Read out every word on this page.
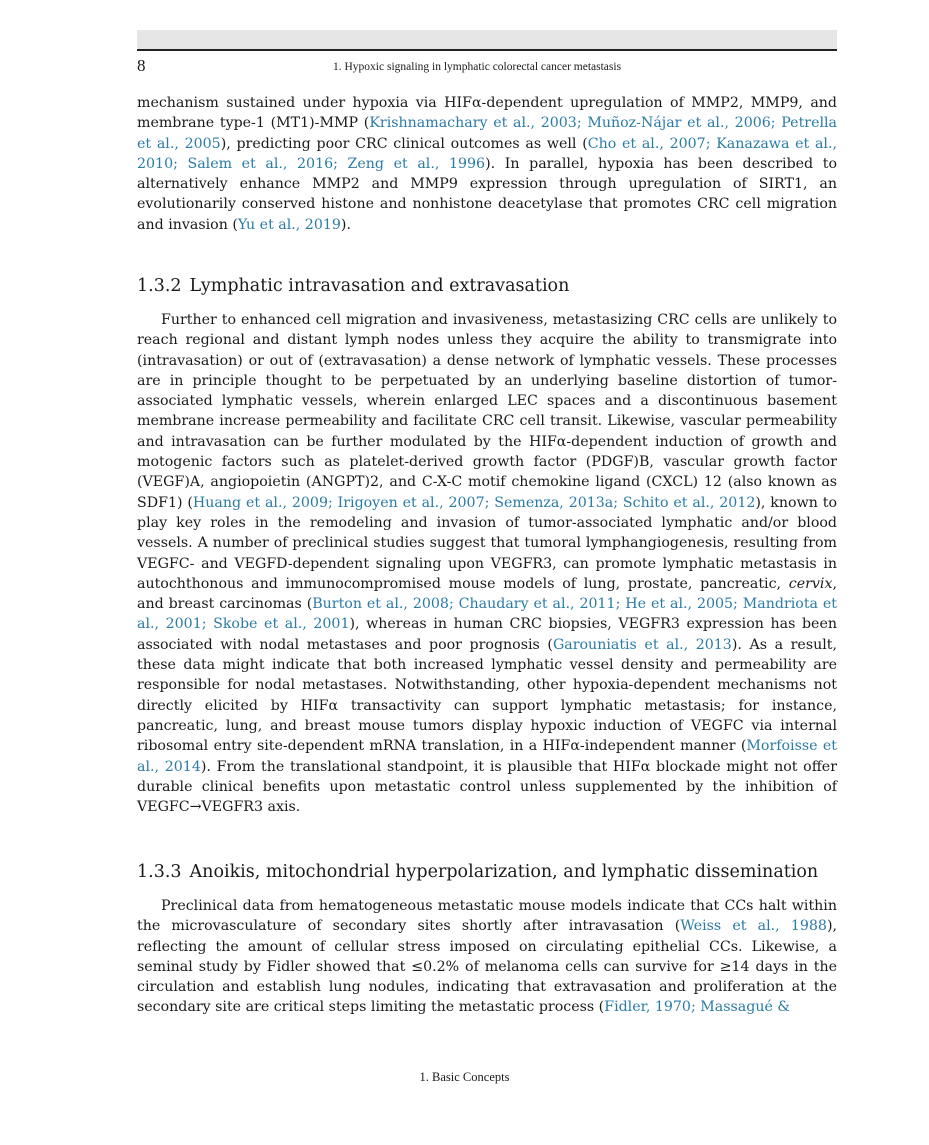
8	1. Hypoxic signaling in lymphatic colorectal cancer metastasis

mechanism sustained under hypoxia via HIFα-dependent upregulation of MMP2, MMP9, and membrane type-1 (MT1)-MMP (Krishnamachary et al., 2003; Muñoz-Nájar et al., 2006; Petrella et al., 2005), predicting poor CRC clinical outcomes as well (Cho et al., 2007; Kanazawa et al., 2010; Salem et al., 2016; Zeng et al., 1996). In parallel, hypoxia has been described to alternatively enhance MMP2 and MMP9 expression through upregulation of SIRT1, an evolutionarily conserved histone and nonhistone deacetylase that promotes CRC cell migration and invasion (Yu et al., 2019).

1.3.2 Lymphatic intravasation and extravasation

Further to enhanced cell migration and invasiveness, metastasizing CRC cells are unlikely to reach regional and distant lymph nodes unless they acquire the ability to transmigrate into (intravasation) or out of (extravasation) a dense network of lymphatic vessels. These processes are in principle thought to be perpetuated by an underlying baseline distortion of tumor-associated lymphatic vessels, wherein enlarged LEC spaces and a discontinuous basement membrane increase permeability and facilitate CRC cell transit. Likewise, vascular permeability and intravasation can be further modulated by the HIFα-dependent induction of growth and motogenic factors such as platelet-derived growth factor (PDGF)B, vascular growth factor (VEGF)A, angiopoietin (ANGPT)2, and C-X-C motif chemokine ligand (CXCL) 12 (also known as SDF1) (Huang et al., 2009; Irigoyen et al., 2007; Semenza, 2013a; Schito et al., 2012), known to play key roles in the remodeling and invasion of tumor-associated lymphatic and/or blood vessels. A number of preclinical studies suggest that tumoral lymphangiogenesis, resulting from VEGFC- and VEGFD-dependent signaling upon VEGFR3, can promote lymphatic metastasis in autochthonous and immunocompromised mouse models of lung, prostate, pancreatic, cervix, and breast carcinomas (Burton et al., 2008; Chaudary et al., 2011; He et al., 2005; Mandriota et al., 2001; Skobe et al., 2001), whereas in human CRC biopsies, VEGFR3 expression has been associated with nodal metastases and poor prognosis (Garouniatis et al., 2013). As a result, these data might indicate that both increased lymphatic vessel density and permeability are responsible for nodal metastases. Notwithstanding, other hypoxia-dependent mechanisms not directly elicited by HIFα transactivity can support lymphatic metastasis; for instance, pancreatic, lung, and breast mouse tumors display hypoxic induction of VEGFC via internal ribosomal entry site-dependent mRNA translation, in a HIFα-independent manner (Morfoisse et al., 2014). From the translational standpoint, it is plausible that HIFα blockade might not offer durable clinical benefits upon metastatic control unless supplemented by the inhibition of VEGFC→VEGFR3 axis.

1.3.3 Anoikis, mitochondrial hyperpolarization, and lymphatic dissemination

Preclinical data from hematogeneous metastatic mouse models indicate that CCs halt within the microvasculature of secondary sites shortly after intravasation (Weiss et al., 1988), reflecting the amount of cellular stress imposed on circulating epithelial CCs. Likewise, a seminal study by Fidler showed that ≤0.2% of melanoma cells can survive for ≥14 days in the circulation and establish lung nodules, indicating that extravasation and proliferation at the secondary site are critical steps limiting the metastatic process (Fidler, 1970; Massagué &

1. Basic Concepts
